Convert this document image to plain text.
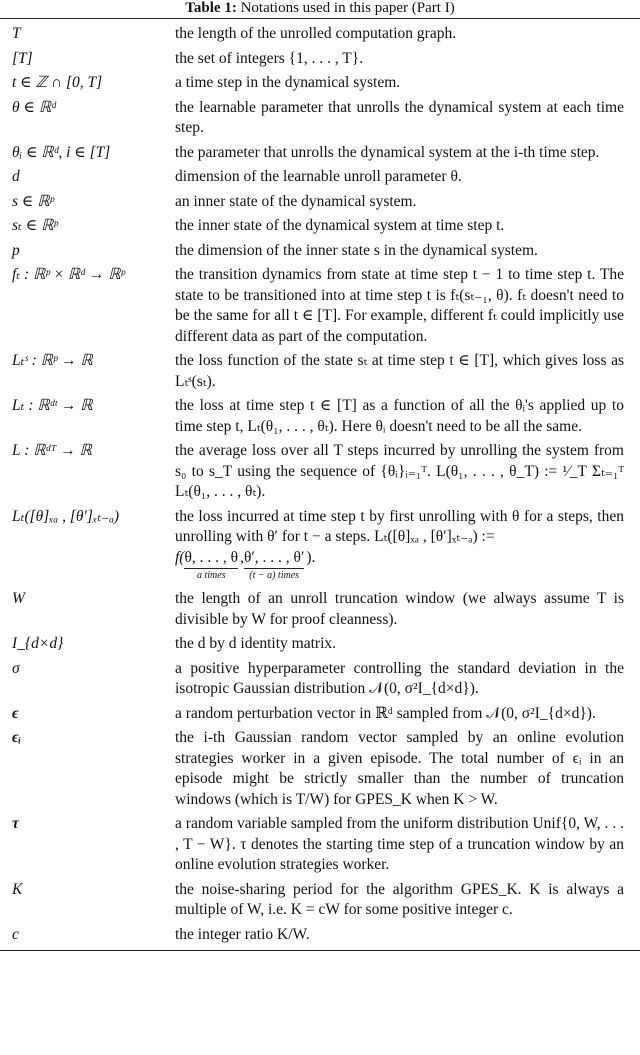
Table 1: Notations used in this paper (Part I)
T	the length of the unrolled computation graph.
[T]	the set of integers {1, . . . , T}.
t ∈ ℤ ∩ [0, T]	a time step in the dynamical system.
θ ∈ ℝᵈ	the learnable parameter that unrolls the dynamical system at each time step.
θᵢ ∈ ℝᵈ, i ∈ [T]	the parameter that unrolls the dynamical system at the i-th time step.
d	dimension of the learnable unroll parameter θ.
s ∈ ℝᵖ	an inner state of the dynamical system.
sₜ ∈ ℝᵖ	the inner state of the dynamical system at time step t.
p	the dimension of the inner state s in the dynamical system.
fₜ : ℝᵖ × ℝᵈ → ℝᵖ	the transition dynamics from state at time step t − 1 to time step t. The state to be transitioned into at time step t is fₜ(sₜ₋₁, θ). fₜ doesn't need to be the same for all t ∈ [T]. For example, different fₜ could implicitly use different data as part of the computation.
Lₜˢ : ℝᵖ → ℝ	the loss function of the state sₜ at time step t ∈ [T], which gives loss as Lₜˢ(sₜ).
Lₜ : ℝᵈᵗ → ℝ	the loss at time step t ∈ [T] as a function of all the θᵢ's applied up to time step t, Lₜ(θ₁, . . . , θₜ). Here θᵢ doesn't need to be all the same.
L : ℝᵈᵀ → ℝ	the average loss over all T steps incurred by unrolling the system from s₀ to s_T using the sequence of {θᵢ}ᵢ₌₁ᵀ. L(θ₁, . . . , θ_T) := ¹⁄_T Σₜ₌₁ᵀ Lₜ(θ₁, . . . , θₜ).
Lₜ([θ]ₓₐ , [θ′]ₓₜ₋ₐ)	the loss incurred at time step t by first unrolling with θ for a steps, then unrolling with θ′ for t − a steps. Lₜ([θ]ₓₐ , [θ′]ₓₜ₋ₐ) :=
f(θ, . . . , θ
a times
,θ′, . . . , θ′
(t − a) times
).
W	the length of an unroll truncation window (we always assume T is divisible by W for proof cleanness).
I_{d×d}	the d by d identity matrix.
σ	a positive hyperparameter controlling the standard deviation in the isotropic Gaussian distribution 𝒩(0, σ²I_{d×d}).
ϵ	a random perturbation vector in ℝᵈ sampled from 𝒩(0, σ²I_{d×d}).
ϵᵢ	the i-th Gaussian random vector sampled by an online evolution strategies worker in a given episode. The total number of ϵᵢ in an episode might be strictly smaller than the number of truncation windows (which is T/W) for GPES_K when K > W.
τ	a random variable sampled from the uniform distribution Unif{0, W, . . . , T − W}. τ denotes the starting time step of a truncation window by an online evolution strategies worker.
K	the noise-sharing period for the algorithm GPES_K. K is always a multiple of W, i.e. K = cW for some positive integer c.
c	the integer ratio K/W.
